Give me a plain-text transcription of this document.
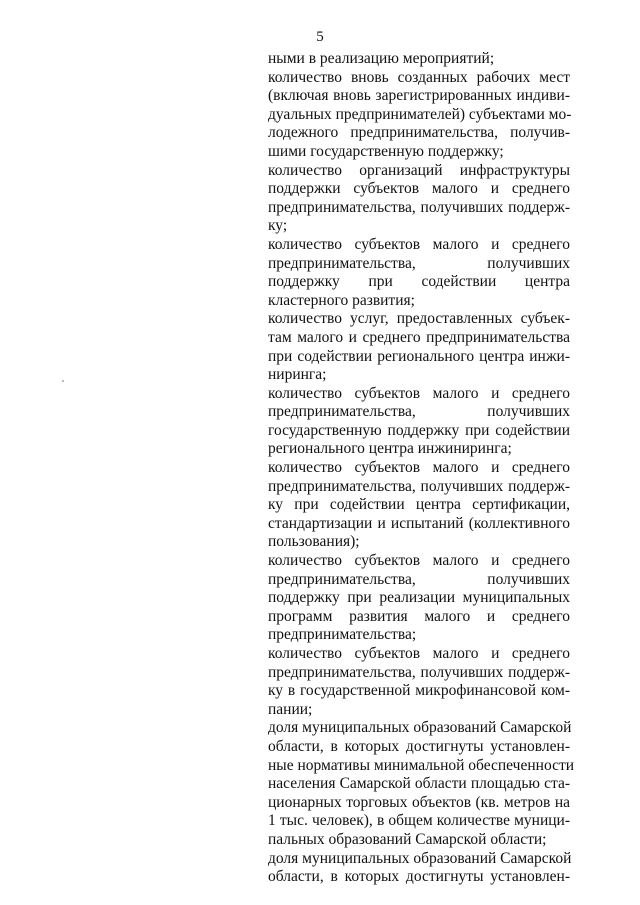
5
ными в реализацию мероприятий;
количество вновь созданных рабочих мест
(включая вновь зарегистрированных индиви-
дуальных предпринимателей) субъектами мо-
лодежного предпринимательства, получив-
шими государственную поддержку;
количество организаций инфраструктуры
поддержки субъектов малого и среднего
предпринимательства, получивших поддерж-
ку;
количество субъектов малого и среднего
предпринимательства, получивших
поддержку при содействии центра
кластерного развития;
количество услуг, предоставленных субъек-
там малого и среднего предпринимательства
при содействии регионального центра инжи-
ниринга;
количество субъектов малого и среднего
предпринимательства, получивших
государственную поддержку при содействии
регионального центра инжиниринга;
количество субъектов малого и среднего
предпринимательства, получивших поддерж-
ку при содействии центра сертификации,
стандартизации и испытаний (коллективного
пользования);
количество субъектов малого и среднего
предпринимательства, получивших
поддержку при реализации муниципальных
программ развития малого и среднего
предпринимательства;
количество субъектов малого и среднего
предпринимательства, получивших поддерж-
ку в государственной микрофинансовой ком-
пании;
доля муниципальных образований Самарской
области, в которых достигнуты установлен-
ные нормативы минимальной обеспеченности
населения Самарской области площадью ста-
ционарных торговых объектов (кв. метров на
1 тыс. человек), в общем количестве муници-
пальных образований Самарской области;
доля муниципальных образований Самарской
области, в которых достигнуты установлен-
